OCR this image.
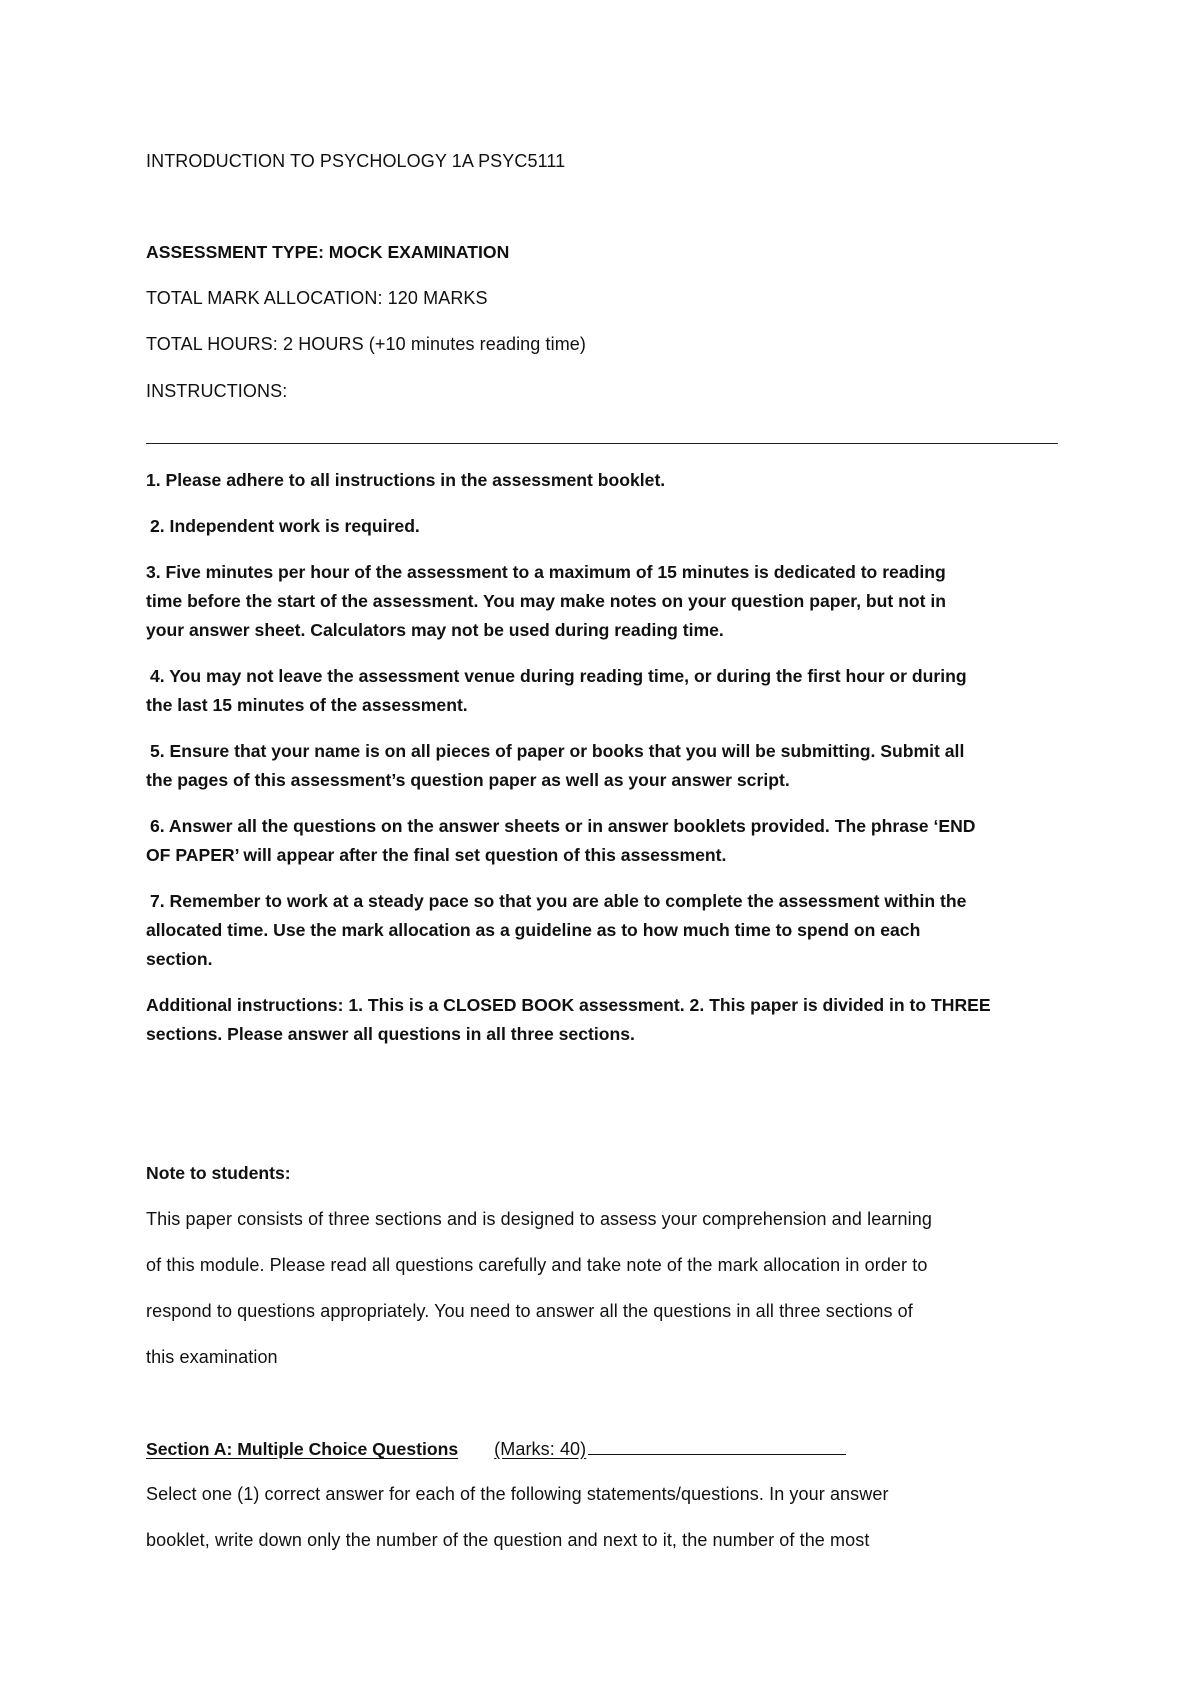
INTRODUCTION TO PSYCHOLOGY 1A PSYC5111

ASSESSMENT TYPE: MOCK EXAMINATION

TOTAL MARK ALLOCATION: 120 MARKS

TOTAL HOURS: 2 HOURS (+10 minutes reading time)

INSTRUCTIONS:

1. Please adhere to all instructions in the assessment booklet.

2. Independent work is required.

3. Five minutes per hour of the assessment to a maximum of 15 minutes is dedicated to reading

time before the start of the assessment. You may make notes on your question paper, but not in

your answer sheet. Calculators may not be used during reading time.

4. You may not leave the assessment venue during reading time, or during the first hour or during

the last 15 minutes of the assessment.

5. Ensure that your name is on all pieces of paper or books that you will be submitting. Submit all

the pages of this assessment’s question paper as well as your answer script.

6. Answer all the questions on the answer sheets or in answer booklets provided. The phrase ‘END

OF PAPER’ will appear after the final set question of this assessment.

7. Remember to work at a steady pace so that you are able to complete the assessment within the

allocated time. Use the mark allocation as a guideline as to how much time to spend on each

section.

Additional instructions: 1. This is a CLOSED BOOK assessment. 2. This paper is divided in to THREE

sections. Please answer all questions in all three sections.

Note to students:

This paper consists of three sections and is designed to assess your comprehension and learning

of this module. Please read all questions carefully and take note of the mark allocation in order to

respond to questions appropriately. You need to answer all the questions in all three sections of

this examination

Section A: Multiple Choice Questions (Marks: 40)

Select one (1) correct answer for each of the following statements/questions. In your answer

booklet, write down only the number of the question and next to it, the number of the most
